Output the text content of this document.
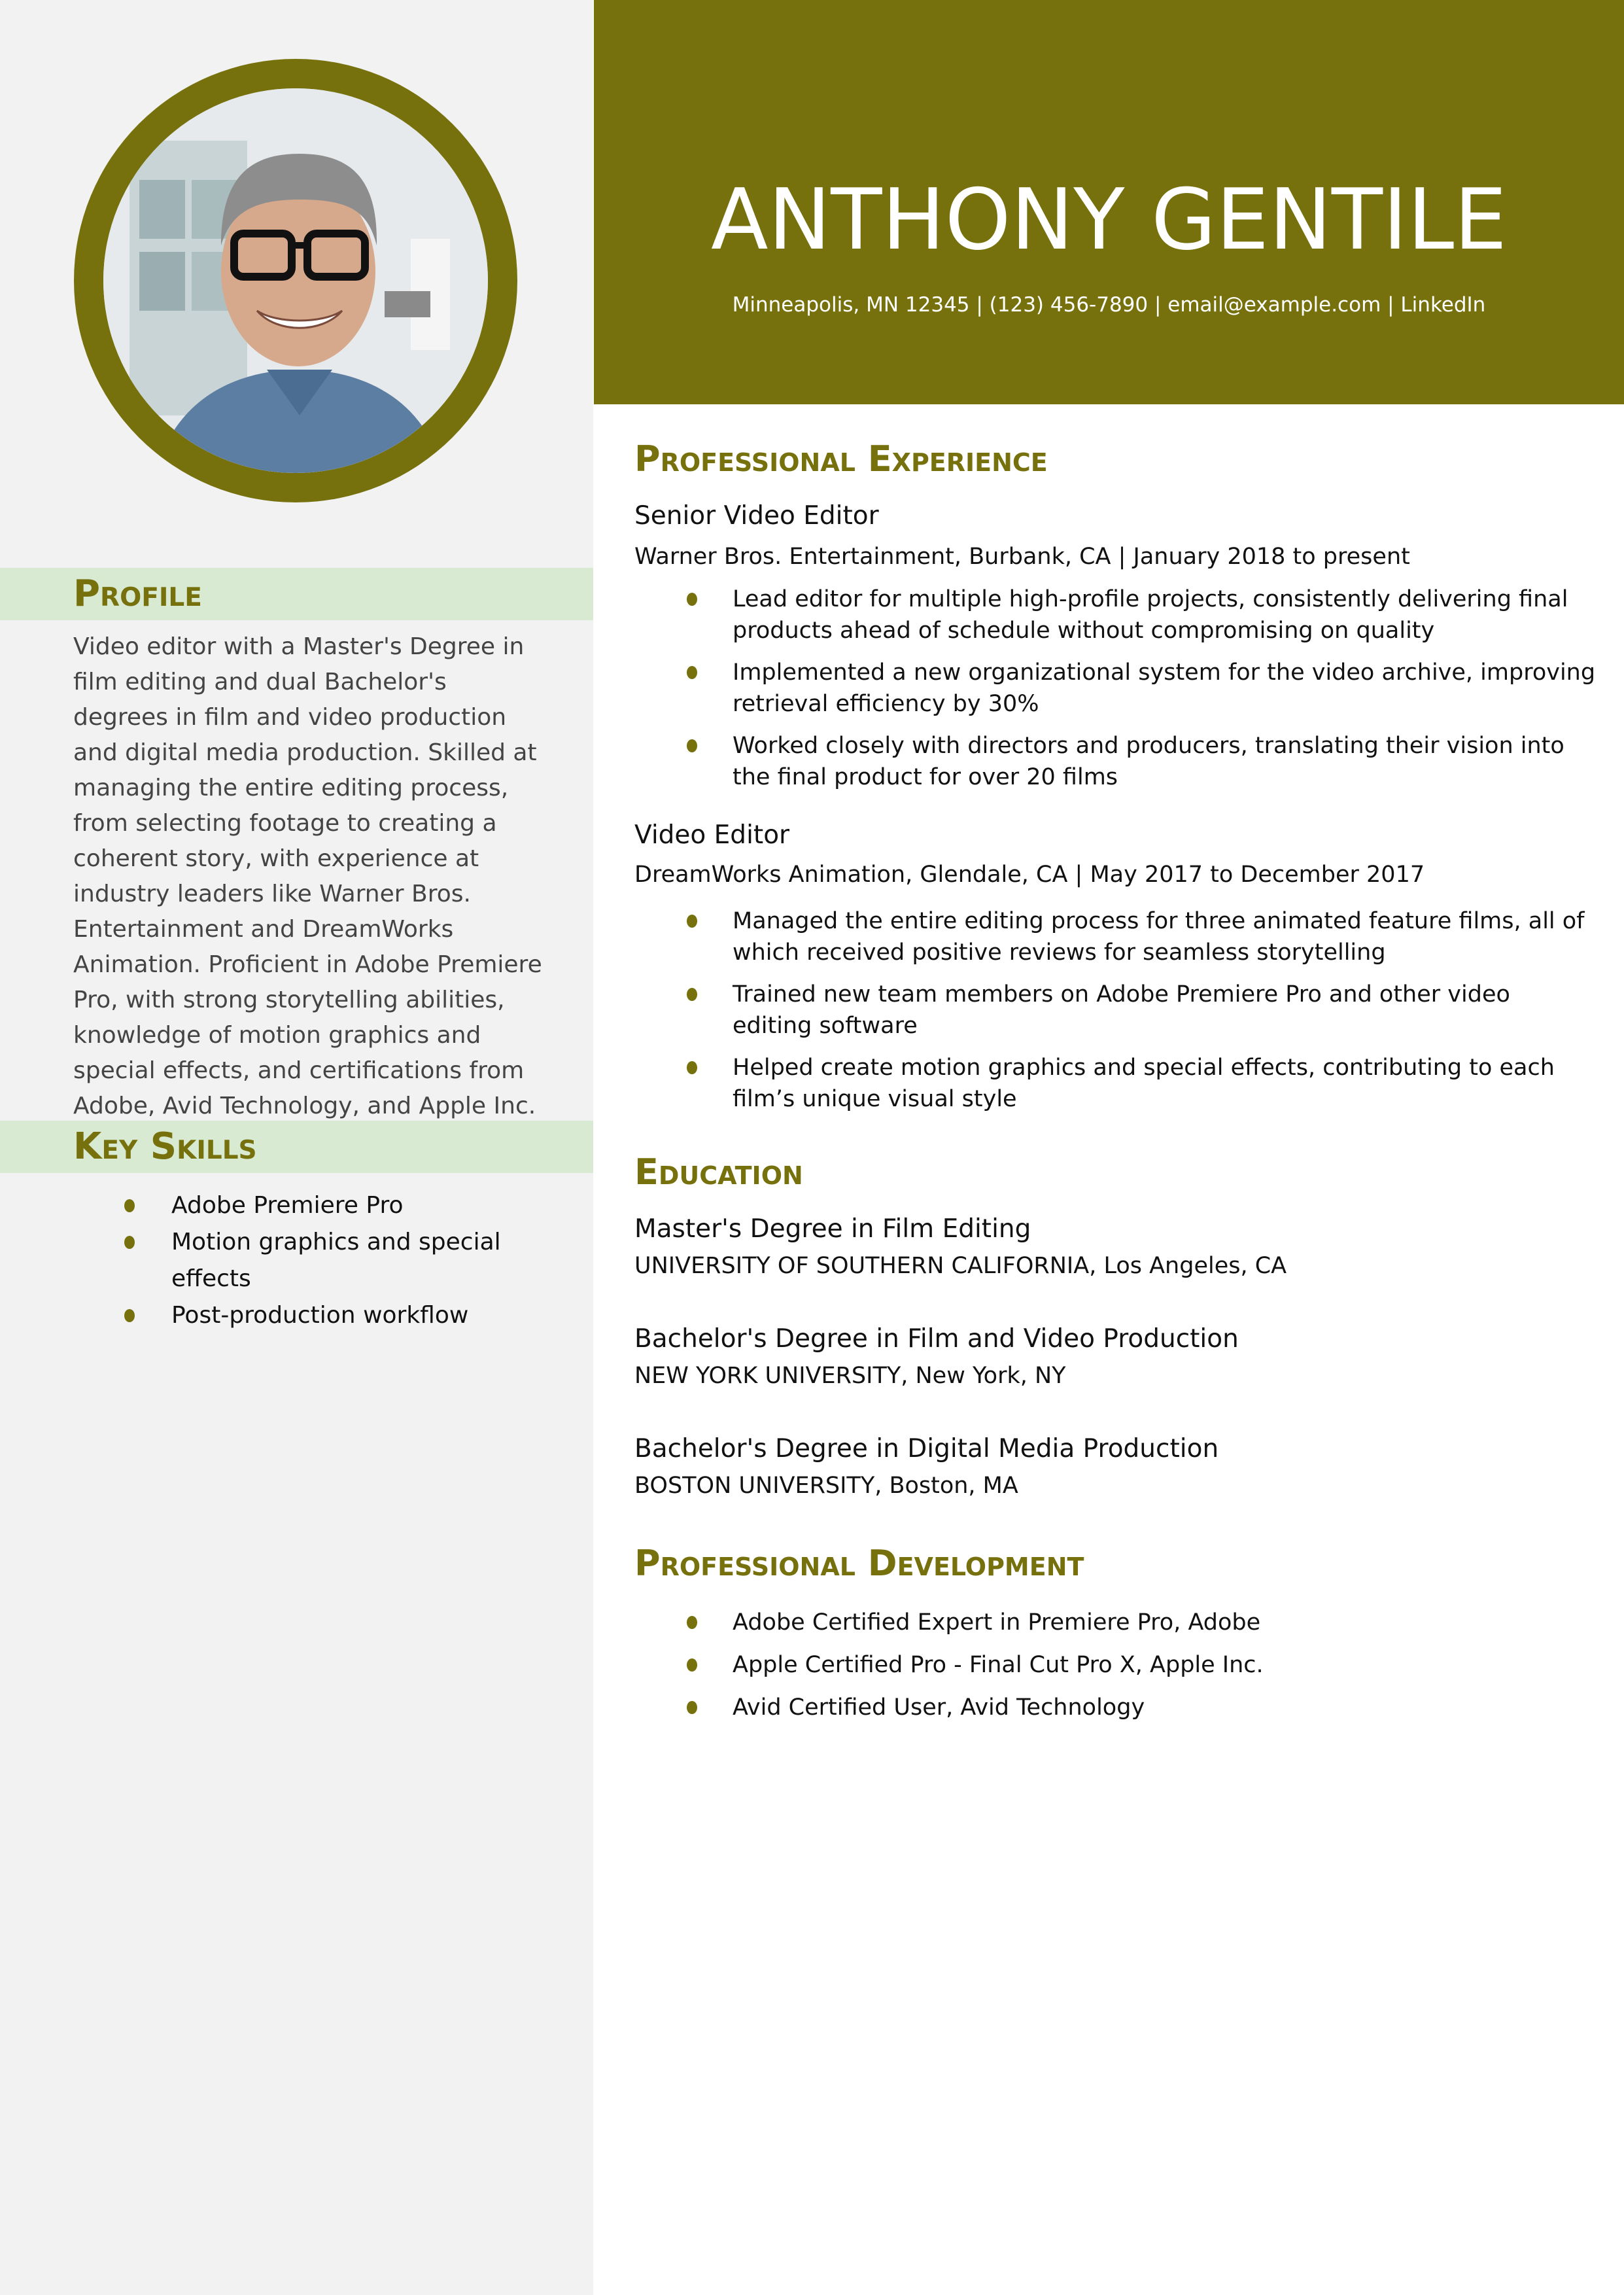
Profile
Video editor with a Master's Degree in film editing and dual Bachelor's degrees in film and video production and digital media production. Skilled at managing the entire editing process, from selecting footage to creating a coherent story, with experience at industry leaders like Warner Bros. Entertainment and DreamWorks Animation. Proficient in Adobe Premiere Pro, with strong storytelling abilities, knowledge of motion graphics and special effects, and certifications from Adobe, Avid Technology, and Apple Inc.
Key Skills
Adobe Premiere Pro
Motion graphics and special effects
Post-production workflow
ANTHONY GENTILE
Minneapolis, MN 12345 | (123) 456-7890 | email@example.com | LinkedIn
Professional Experience
Senior Video Editor
Warner Bros. Entertainment, Burbank, CA | January 2018 to present
Lead editor for multiple high-profile projects, consistently delivering final products ahead of schedule without compromising on quality
Implemented a new organizational system for the video archive, improving retrieval efficiency by 30%
Worked closely with directors and producers, translating their vision into the final product for over 20 films
Video Editor
DreamWorks Animation, Glendale, CA | May 2017 to December 2017
Managed the entire editing process for three animated feature films, all of which received positive reviews for seamless storytelling
Trained new team members on Adobe Premiere Pro and other video editing software
Helped create motion graphics and special effects, contributing to each film’s unique visual style
Education
Master's Degree in Film Editing
UNIVERSITY OF SOUTHERN CALIFORNIA, Los Angeles, CA
Bachelor's Degree in Film and Video Production
NEW YORK UNIVERSITY, New York, NY
Bachelor's Degree in Digital Media Production
BOSTON UNIVERSITY, Boston, MA
Professional Development
Adobe Certified Expert in Premiere Pro, Adobe
Apple Certified Pro - Final Cut Pro X, Apple Inc.
Avid Certified User, Avid Technology
